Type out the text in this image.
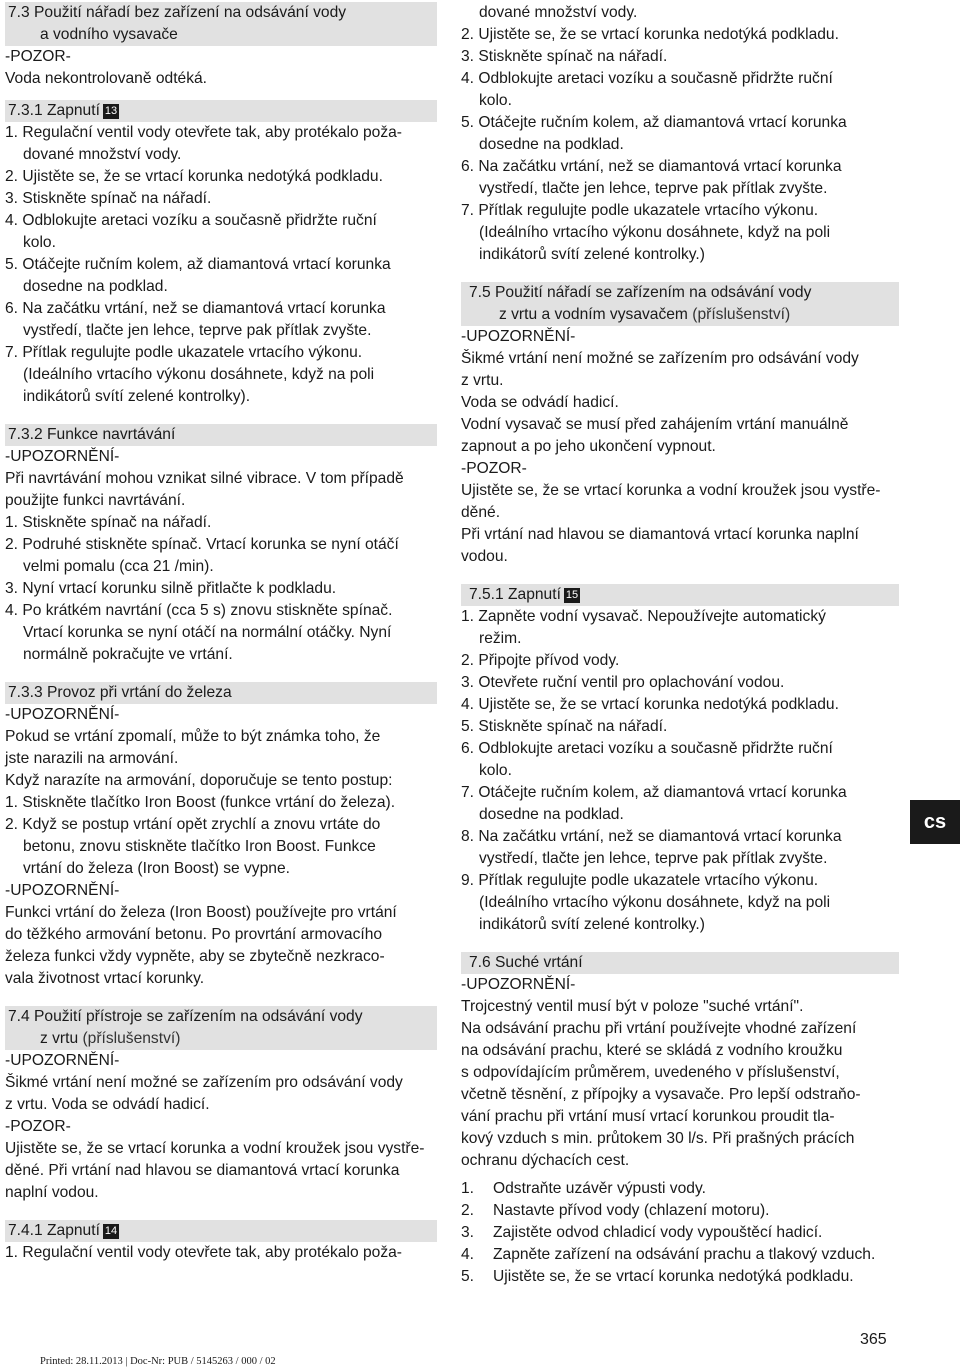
7.3 Použití nářadí bez zařízení na odsávání vody
a vodního vysavače

-POZOR-

Voda nekontrolovaně odtéká.

7.3.1 Zapnutí 13

1. Regulační ventil vody otevřete tak, aby protékalo poža-

dované množství vody.

2. Ujistěte se, že se vrtací korunka nedotýká podkladu.

3. Stiskněte spínač na nářadí.

4. Odblokujte aretaci vozíku a současně přidržte ruční

kolo.

5. Otáčejte ručním kolem, až diamantová vrtací korunka

dosedne na podklad.

6. Na začátku vrtání, než se diamantová vrtací korunka

vystředí, tlačte jen lehce, teprve pak přítlak zvyšte.

7. Přítlak regulujte podle ukazatele vrtacího výkonu.

(Ideálního vrtacího výkonu dosáhnete, když na poli

indikátorů svítí zelené kontrolky).

7.3.2 Funkce navrtávání

-UPOZORNĚNÍ-

Při navrtávání mohou vznikat silné vibrace. V tom případě

použijte funkci navrtávání.

1. Stiskněte spínač na nářadí.

2. Podruhé stiskněte spínač. Vrtací korunka se nyní otáčí

velmi pomalu (cca 21 /min).

3. Nyní vrtací korunku silně přitlačte k podkladu.

4. Po krátkém navrtání (cca 5 s) znovu stiskněte spínač.

Vrtací korunka se nyní otáčí na normální otáčky. Nyní

normálně pokračujte ve vrtání.

7.3.3 Provoz při vrtání do železa

-UPOZORNĚNÍ-

Pokud se vrtání zpomalí, může to být známka toho, že

jste narazili na armování.

Když narazíte na armování, doporučuje se tento postup:

1. Stiskněte tlačítko Iron Boost (funkce vrtání do železa).

2. Když se postup vrtání opět zrychlí a znovu vrtáte do

betonu, znovu stiskněte tlačítko Iron Boost. Funkce

vrtání do železa (Iron Boost) se vypne.

-UPOZORNĚNÍ-

Funkci vrtání do železa (Iron Boost) používejte pro vrtání

do těžkého armování betonu. Po provrtání armovacího

železa funkci vždy vypněte, aby se zbytečně nezkraco-

vala životnost vrtací korunky.

7.4 Použití přístroje se zařízením na odsávání vody
z vrtu (příslušenství)

-UPOZORNĚNÍ-

Šikmé vrtání není možné se zařízením pro odsávání vody

z vrtu. Voda se odvádí hadicí.

-POZOR-

Ujistěte se, že se vrtací korunka a vodní kroužek jsou vystře-

děné. Při vrtání nad hlavou se diamantová vrtací korunka

naplní vodou.

7.4.1 Zapnutí 14

1. Regulační ventil vody otevřete tak, aby protékalo poža-

dované množství vody.

2. Ujistěte se, že se vrtací korunka nedotýká podkladu.

3. Stiskněte spínač na nářadí.

4. Odblokujte aretaci vozíku a současně přidržte ruční

kolo.

5. Otáčejte ručním kolem, až diamantová vrtací korunka

dosedne na podklad.

6. Na začátku vrtání, než se diamantová vrtací korunka

vystředí, tlačte jen lehce, teprve pak přítlak zvyšte.

7. Přítlak regulujte podle ukazatele vrtacího výkonu.

(Ideálního vrtacího výkonu dosáhnete, když na poli

indikátorů svítí zelené kontrolky.)

7.5 Použití nářadí se zařízením na odsávání vody
z vrtu a vodním vysavačem (příslušenství)

-UPOZORNĚNÍ-

Šikmé vrtání není možné se zařízením pro odsávání vody

z vrtu.

Voda se odvádí hadicí.

Vodní vysavač se musí před zahájením vrtání manuálně

zapnout a po jeho ukončení vypnout.

-POZOR-

Ujistěte se, že se vrtací korunka a vodní kroužek jsou vystře-

děné.

Při vrtání nad hlavou se diamantová vrtací korunka naplní

vodou.

7.5.1 Zapnutí 15

1. Zapněte vodní vysavač. Nepoužívejte automatický

režim.

2. Připojte přívod vody.

3. Otevřete ruční ventil pro oplachování vodou.

4. Ujistěte se, že se vrtací korunka nedotýká podkladu.

5. Stiskněte spínač na nářadí.

6. Odblokujte aretaci vozíku a současně přidržte ruční

kolo.

7. Otáčejte ručním kolem, až diamantová vrtací korunka

dosedne na podklad.

8. Na začátku vrtání, než se diamantová vrtací korunka

vystředí, tlačte jen lehce, teprve pak přítlak zvyšte.

9. Přítlak regulujte podle ukazatele vrtacího výkonu.

(Ideálního vrtacího výkonu dosáhnete, když na poli

indikátorů svítí zelené kontrolky.)

7.6 Suché vrtání

-UPOZORNĚNÍ-

Trojcestný ventil musí být v poloze "suché vrtání".

Na odsávání prachu při vrtání používejte vhodné zařízení

na odsávání prachu, které se skládá z vodního kroužku

s odpovídajícím průměrem, uvedeného v příslušenství,

včetně těsnění, z přípojky a vysavače. Pro lepší odstraňo-

vání prachu při vrtání musí vrtací korunkou proudit tla-

kový vzduch s min. průtokem 30 l/s. Při prašných prácích

ochranu dýchacích cest.

1. Odstraňte uzávěr výpusti vody.

2. Nastavte přívod vody (chlazení motoru).

3. Zajistěte odvod chladicí vody vypouštěcí hadicí.

4. Zapněte zařízení na odsávání prachu a tlakový vzduch.

5. Ujistěte se, že se vrtací korunka nedotýká podkladu.

cs
365
Printed: 28.11.2013 | Doc-Nr: PUB / 5145263 / 000 / 02
